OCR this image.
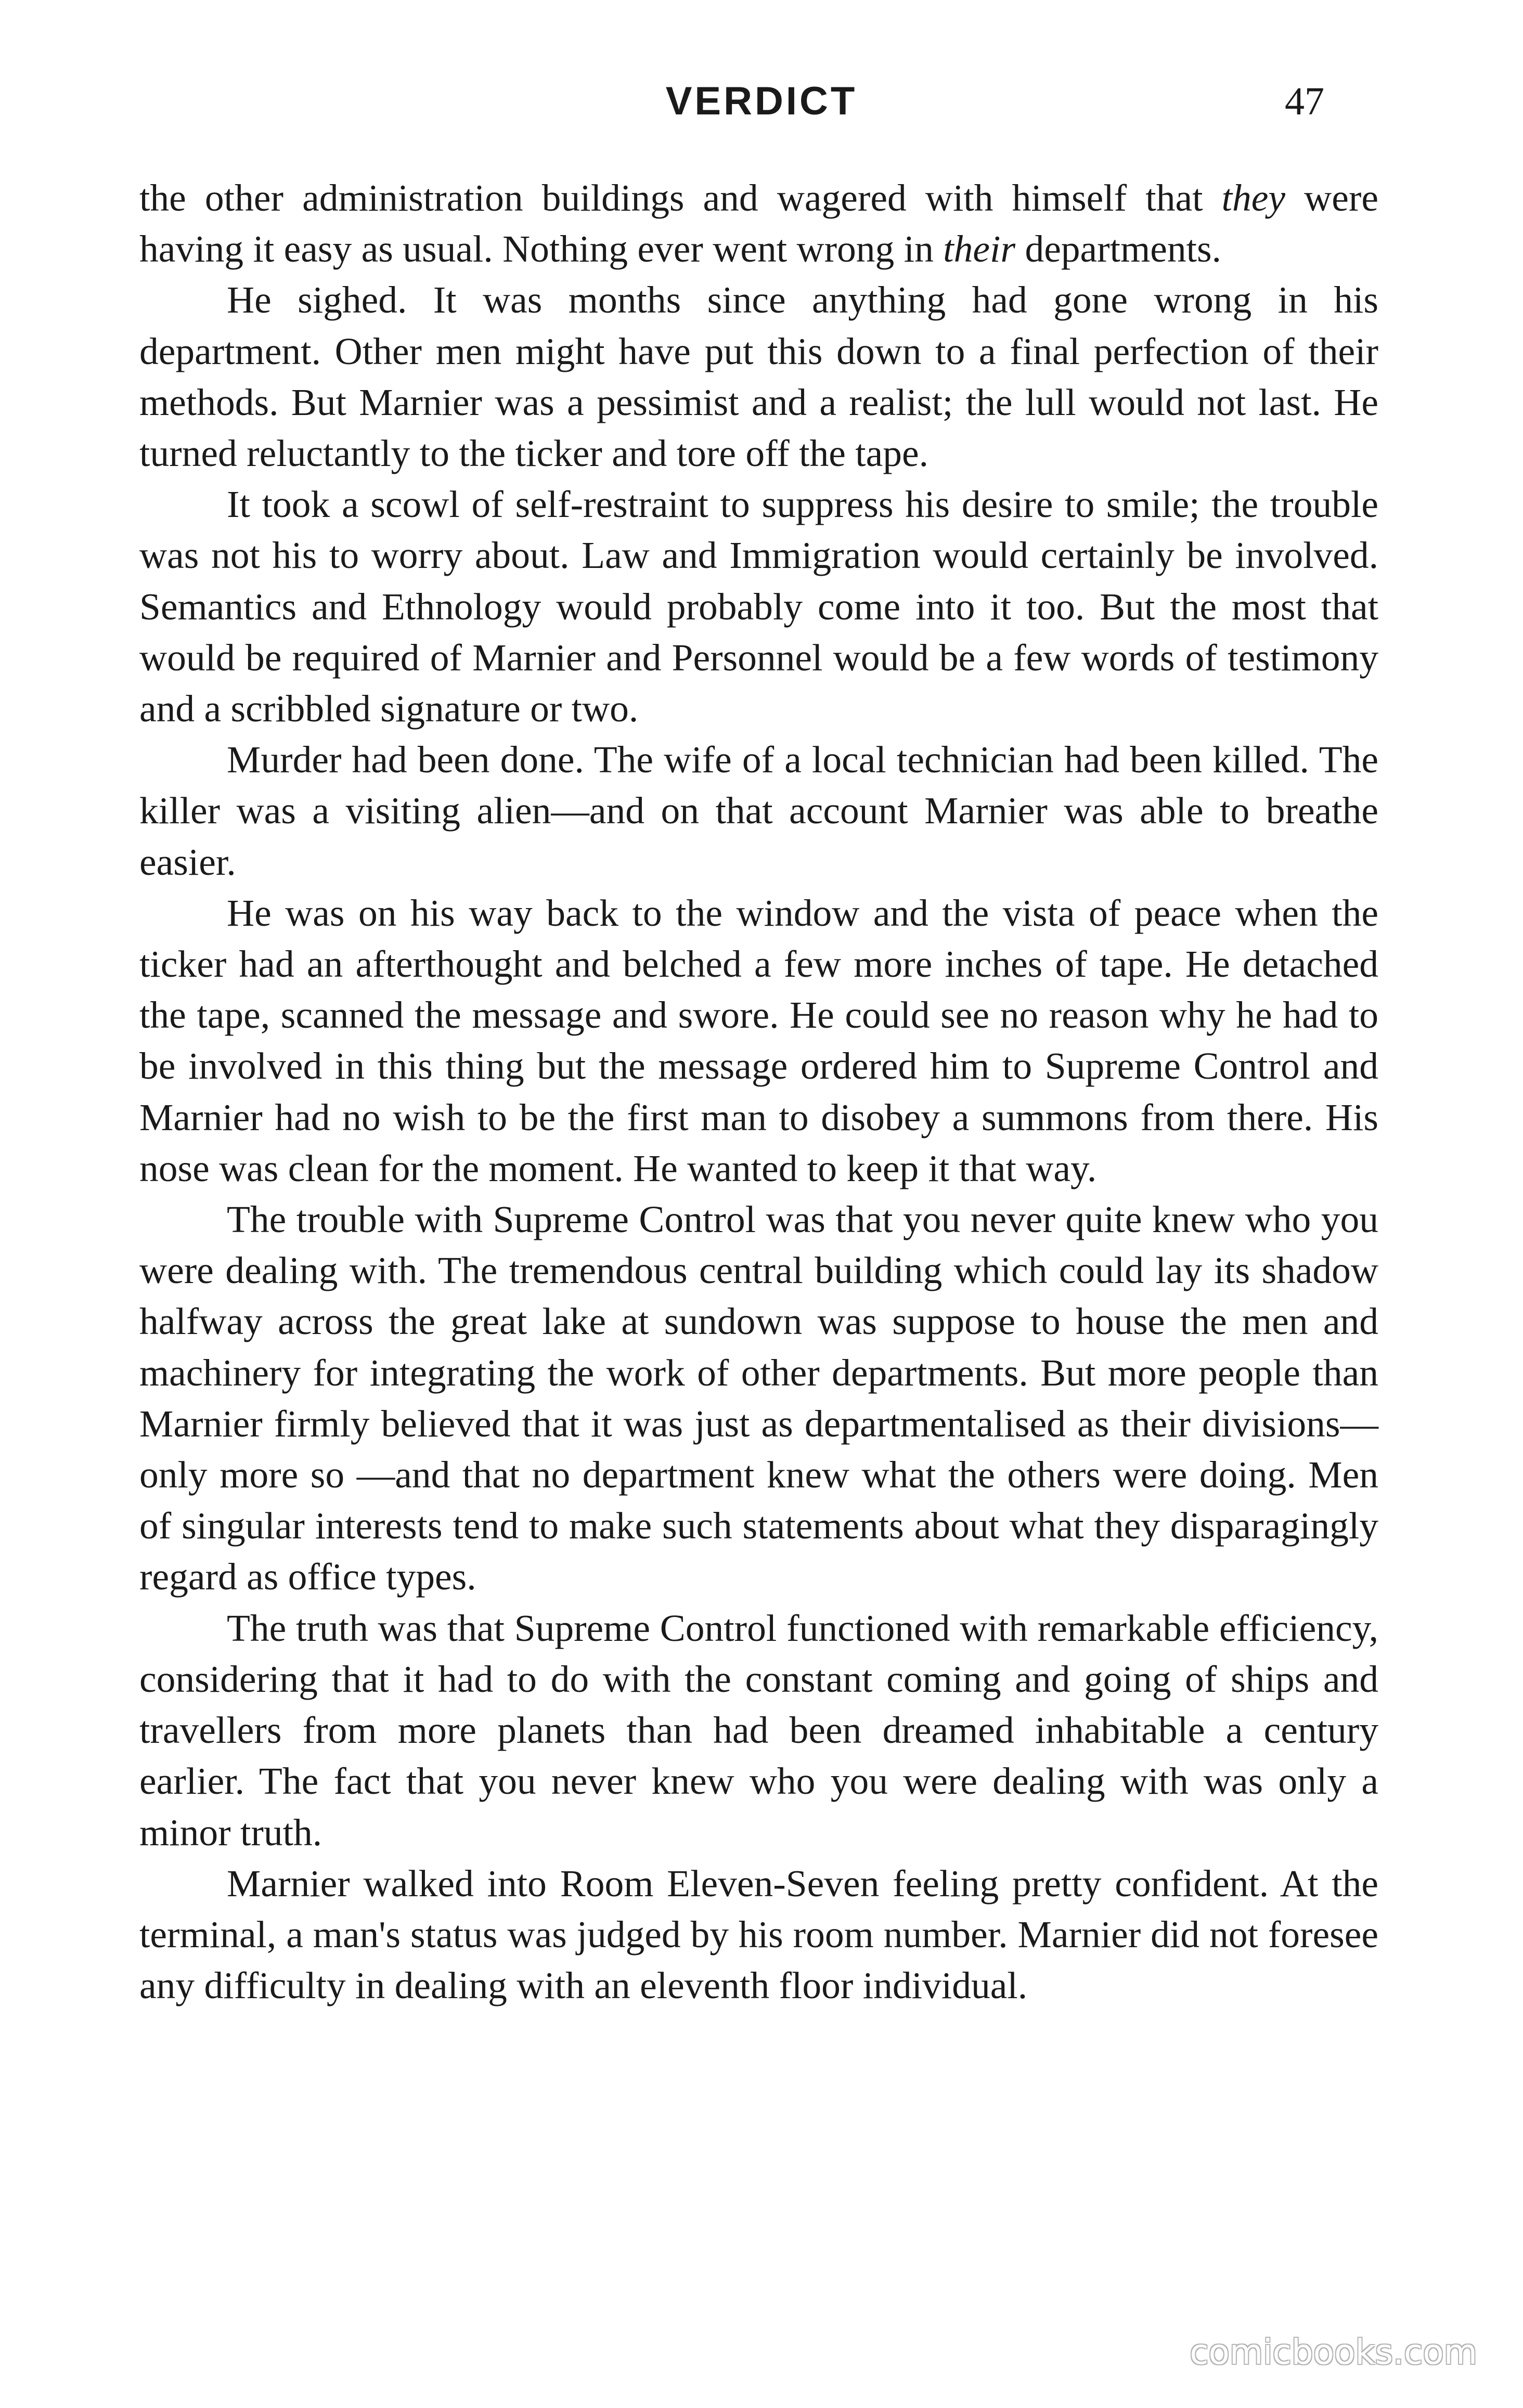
VERDICT	47

the other administration buildings and wagered with himself that they were having it easy as usual. Nothing ever went wrong in their departments.

He sighed. It was months since anything had gone wrong in his department. Other men might have put this down to a final perfection of their methods. But Marnier was a pessimist and a realist; the lull would not last. He turned reluctantly to the ticker and tore off the tape.

It took a scowl of self-restraint to suppress his desire to smile; the trouble was not his to worry about. Law and Immigration would certainly be involved. Semantics and Ethnology would probably come into it too. But the most that would be required of Marnier and Personnel would be a few words of testimony and a scribbled signature or two.

Murder had been done. The wife of a local technician had been killed. The killer was a visiting alien—and on that account Marnier was able to breathe easier.

He was on his way back to the window and the vista of peace when the ticker had an afterthought and belched a few more inches of tape. He detached the tape, scanned the message and swore. He could see no reason why he had to be involved in this thing but the message ordered him to Supreme Control and Marnier had no wish to be the first man to disobey a summons from there. His nose was clean for the moment. He wanted to keep it that way.

The trouble with Supreme Control was that you never quite knew who you were dealing with. The tremendous central building which could lay its shadow halfway across the great lake at sundown was suppose to house the men and machinery for integrating the work of other departments. But more people than Marnier firmly believed that it was just as departmentalised as their divisions—only more so —and that no department knew what the others were doing. Men of singular interests tend to make such statements about what they disparagingly regard as office types.

The truth was that Supreme Control functioned with remarkable efficiency, considering that it had to do with the constant coming and going of ships and travellers from more planets than had been dreamed inhabitable a century earlier. The fact that you never knew who you were dealing with was only a minor truth.

Marnier walked into Room Eleven-Seven feeling pretty confident. At the terminal, a man's status was judged by his room number. Marnier did not foresee any difficulty in dealing with an eleventh floor individual.

comicbooks.com
